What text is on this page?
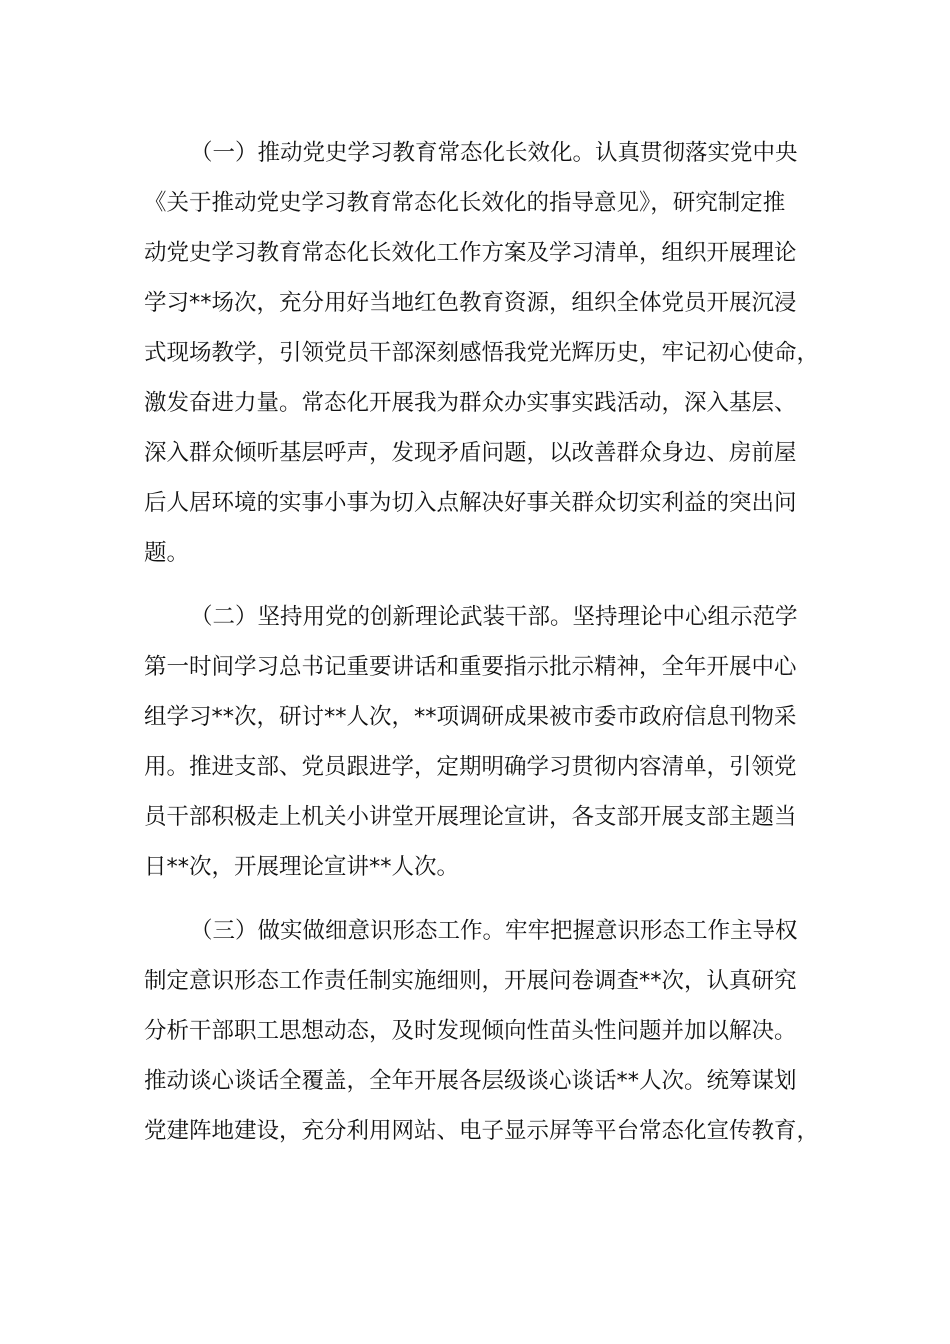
（一）推动党史学习教育常态化长效化。认真贯彻落实党中央
《关于推动党史学习教育常态化长效化的指导意见》，研究制定推
动党史学习教育常态化长效化工作方案及学习清单，组织开展理论
学习**场次，充分用好当地红色教育资源，组织全体党员开展沉浸
式现场教学，引领党员干部深刻感悟我党光辉历史，牢记初心使命，
激发奋进力量。常态化开展我为群众办实事实践活动，深入基层、
深入群众倾听基层呼声，发现矛盾问题，以改善群众身边、房前屋
后人居环境的实事小事为切入点解决好事关群众切实利益的突出问
题。
（二）坚持用党的创新理论武装干部。坚持理论中心组示范学
第一时间学习总书记重要讲话和重要指示批示精神，全年开展中心
组学习**次，研讨**人次，**项调研成果被市委市政府信息刊物采
用。推进支部、党员跟进学，定期明确学习贯彻内容清单，引领党
员干部积极走上机关小讲堂开展理论宣讲，各支部开展支部主题当
日**次，开展理论宣讲**人次。
（三）做实做细意识形态工作。牢牢把握意识形态工作主导权
制定意识形态工作责任制实施细则，开展问卷调查**次，认真研究
分析干部职工思想动态，及时发现倾向性苗头性问题并加以解决。
推动谈心谈话全覆盖，全年开展各层级谈心谈话**人次。统筹谋划
党建阵地建设，充分利用网站、电子显示屏等平台常态化宣传教育，
